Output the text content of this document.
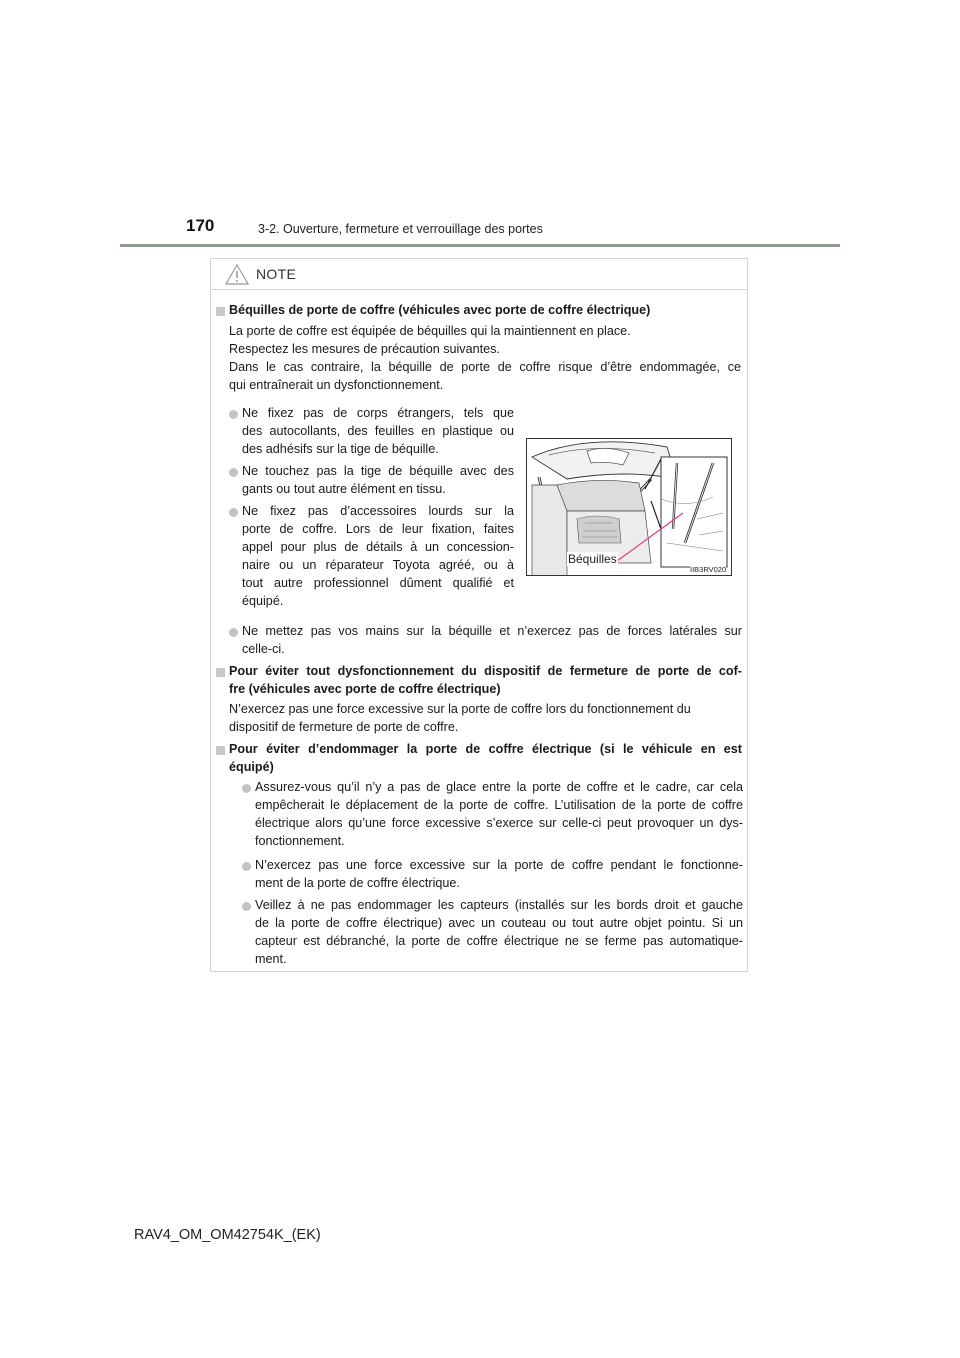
170	3-2. Ouverture, fermeture et verrouillage des portes
NOTE
Béquilles de porte de coffre (véhicules avec porte de coffre électrique)
La porte de coffre est équipée de béquilles qui la maintiennent en place.
Respectez les mesures de précaution suivantes.
Dans le cas contraire, la béquille de porte de coffre risque d’être endommagée, ce
qui entraînerait un dysfonctionnement.
Ne fixez pas de corps étrangers, tels que
des autocollants, des feuilles en plastique ou
des adhésifs sur la tige de béquille.
Ne touchez pas la tige de béquille avec des
gants ou tout autre élément en tissu.
Ne fixez pas d’accessoires lourds sur la
porte de coffre. Lors de leur fixation, faites
appel pour plus de détails à un concession-
naire ou un réparateur Toyota agréé, ou à
tout autre professionnel dûment qualifié et
équipé.
Béquilles
IIB3RV020
Ne mettez pas vos mains sur la béquille et n’exercez pas de forces latérales sur
celle-ci.
Pour éviter tout dysfonctionnement du dispositif de fermeture de porte de cof-
fre (véhicules avec porte de coffre électrique)
N’exercez pas une force excessive sur la porte de coffre lors du fonctionnement du
dispositif de fermeture de porte de coffre.
Pour éviter d’endommager la porte de coffre électrique (si le véhicule en est
équipé)
Assurez-vous qu’il n’y a pas de glace entre la porte de coffre et le cadre, car cela
empêcherait le déplacement de la porte de coffre. L’utilisation de la porte de coffre
électrique alors qu’une force excessive s’exerce sur celle-ci peut provoquer un dys-
fonctionnement.
N’exercez pas une force excessive sur la porte de coffre pendant le fonctionne-
ment de la porte de coffre électrique.
Veillez à ne pas endommager les capteurs (installés sur les bords droit et gauche
de la porte de coffre électrique) avec un couteau ou tout autre objet pointu. Si un
capteur est débranché, la porte de coffre électrique ne se ferme pas automatique-
ment.
RAV4_OM_OM42754K_(EK)
